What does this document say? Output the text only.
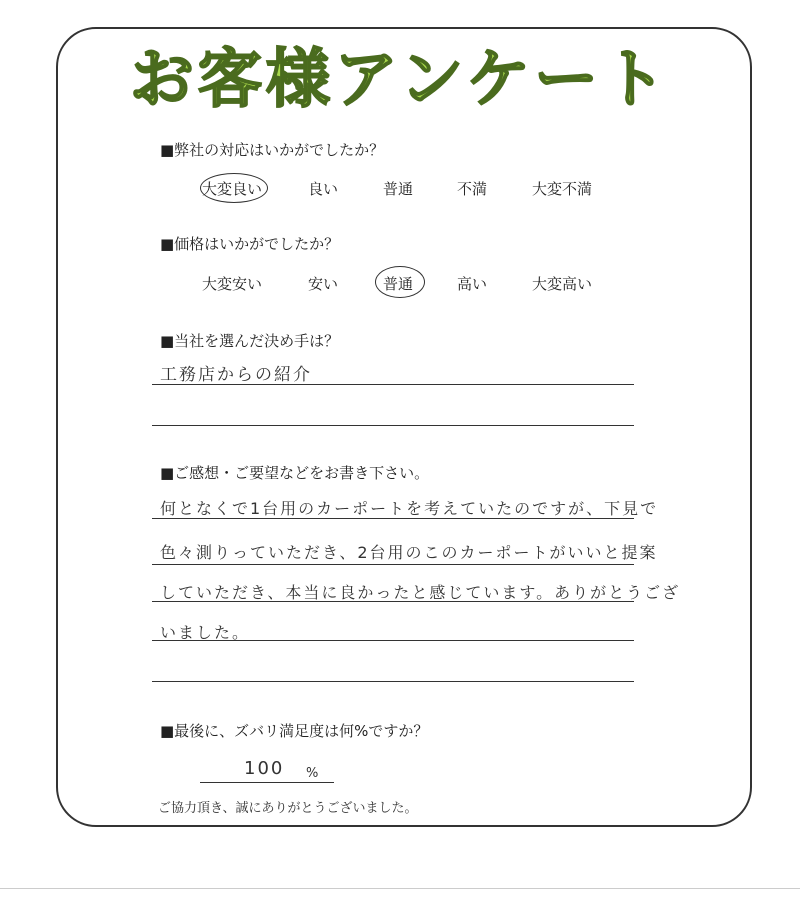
お客様アンケート
■弊社の対応はいかがでしたか？
大変良い	良い	普通	不満	大変不満
■価格はいかがでしたか？
大変安い	安い	普通	高い	大変高い
■当社を選んだ決め手は？
工務店からの紹介
■ご感想・ご要望などをお書き下さい。
何となくで1台用のカーポートを考えていたのですが、下見で
色々測りっていただき、2台用のこのカーポートがいいと提案
していただき、本当に良かったと感じています。ありがとうござ
いました。
■最後に、ズバリ満足度は何%ですか？
100 %
ご協力頂き、誠にありがとうございました。
